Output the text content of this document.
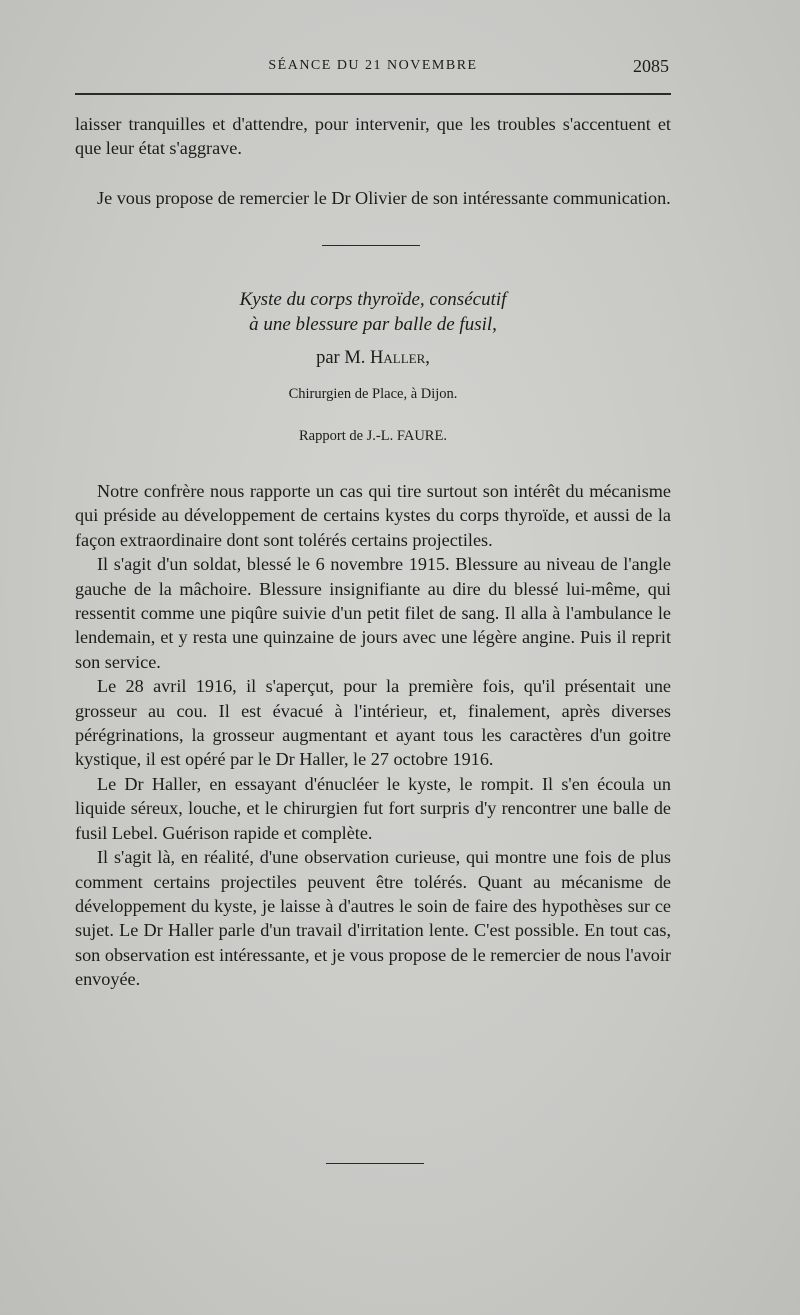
SÉANCE DU 21 NOVEMBRE	2085

laisser tranquilles et d'attendre, pour intervenir, que les troubles s'accentuent et que leur état s'aggrave.

Je vous propose de remercier le Dr Olivier de son intéressante communication.

Kyste du corps thyroïde, consécutif
à une blessure par balle de fusil,
par M. Haller,
Chirurgien de Place, à Dijon.
Rapport de J.-L. FAURE.

Notre confrère nous rapporte un cas qui tire surtout son intérêt du mécanisme qui préside au développement de certains kystes du corps thyroïde, et aussi de la façon extraordinaire dont sont tolérés certains projectiles.

Il s'agit d'un soldat, blessé le 6 novembre 1915. Blessure au niveau de l'angle gauche de la mâchoire. Blessure insignifiante au dire du blessé lui-même, qui ressentit comme une piqûre suivie d'un petit filet de sang. Il alla à l'ambulance le lendemain, et y resta une quinzaine de jours avec une légère angine. Puis il reprit son service.

Le 28 avril 1916, il s'aperçut, pour la première fois, qu'il présentait une grosseur au cou. Il est évacué à l'intérieur, et, finalement, après diverses pérégrinations, la grosseur augmentant et ayant tous les caractères d'un goitre kystique, il est opéré par le Dr Haller, le 27 octobre 1916.

Le Dr Haller, en essayant d'énucléer le kyste, le rompit. Il s'en écoula un liquide séreux, louche, et le chirurgien fut fort surpris d'y rencontrer une balle de fusil Lebel. Guérison rapide et complète.

Il s'agit là, en réalité, d'une observation curieuse, qui montre une fois de plus comment certains projectiles peuvent être tolérés. Quant au mécanisme de développement du kyste, je laisse à d'autres le soin de faire des hypothèses sur ce sujet. Le Dr Haller parle d'un travail d'irritation lente. C'est possible. En tout cas, son observation est intéressante, et je vous propose de le remercier de nous l'avoir envoyée.
